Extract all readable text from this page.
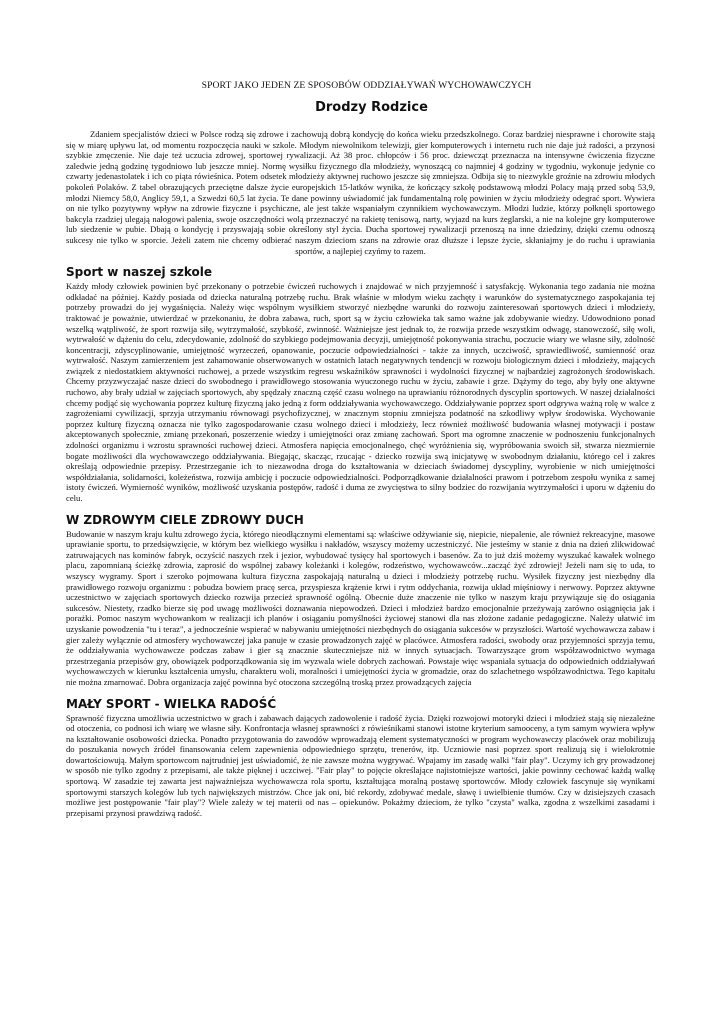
SPORT JAKO JEDEN ZE SPOSOBÓW ODDZIAŁYWAŃ WYCHOWAWCZYCH
Drodzy Rodzice

Zdaniem specjalistów dzieci w Polsce rodzą się zdrowe i zachowują dobrą kondycję do końca wieku przedszkolnego. Coraz bardziej niesprawne i chorowite stają się w miarę upływu lat, od momentu rozpoczęcia nauki w szkole. Młodym niewolnikom telewizji, gier komputerowych i internetu ruch nie daje już radości, a przynosi szybkie zmęczenie. Nie daje też uczucia zdrowej, sportowej rywalizacji. Aż 38 proc. chłopców i 56 proc. dziewcząt przeznacza na intensywne ćwiczenia fizyczne zaledwie jedną godzinę tygodniowo lub jeszcze mniej. Normę wysiłku fizycznego dla młodzieży, wynoszącą co najmniej 4 godziny w tygodniu, wykonuje jedynie co czwarty jedenastolatek i ich co piąta rówieśnica. Potem odsetek młodzieży aktywnej ruchowo jeszcze się zmniejsza. Odbija się to niezwykle groźnie na zdrowiu młodych pokoleń Polaków. Z tabel obrazujących przeciętne dalsze życie europejskich 15-latków wynika, że kończący szkołę podstawową młodzi Polacy mają przed sobą 53,9, młodzi Niemcy 58,0, Anglicy 59,1, a Szwedzi 60,5 lat życia. Te dane powinny uświadomić jak fundamentalną rolę powinien w życiu młodzieży odegrać sport. Wywiera on nie tylko pozytywny wpływ na zdrowie fizyczne i psychiczne, ale jest także wspaniałym czynnikiem wychowawczym. Młodzi ludzie, którzy połknęli sportowego bakcyla rzadziej ulegają nałogowi palenia, swoje oszczędności wolą przeznaczyć na rakietę tenisową, narty, wyjazd na kurs żeglarski, a nie na kolejne gry komputerowe lub siedzenie w pubie. Dbają o kondycję i przyswajają sobie określony styl życia. Ducha sportowej rywalizacji przenoszą na inne dziedziny, dzięki czemu odnoszą sukcesy nie tylko w sporcie. Jeżeli zatem nie chcemy odbierać naszym dzieciom szans na zdrowie oraz dłuższe i lepsze życie, skłaniajmy je do ruchu i uprawiania sportów, a najlepiej czyńmy to razem.

Sport w naszej szkole

Każdy młody człowiek powinien być przekonany o potrzebie ćwiczeń ruchowych i znajdować w nich przyjemność i satysfakcję. Wykonania tego zadania nie można odkładać na później. Każdy posiada od dziecka naturalną potrzebę ruchu. Brak właśnie w młodym wieku zachęty i warunków do systematycznego zaspokajania tej potrzeby prowadzi do jej wygaśnięcia. Należy więc wspólnym wysiłkiem stworzyć niezbędne warunki do rozwoju zainteresowań sportowych dzieci i młodzieży, traktować je poważnie, utwierdzać w przekonaniu, że dobra zabawa, ruch, sport są w życiu człowieka tak samo ważne jak zdobywanie wiedzy. Udowodniono ponad wszelką wątpliwość, że sport rozwija siłę, wytrzymałość, szybkość, zwinność. Ważniejsze jest jednak to, że rozwija przede wszystkim odwagę, stanowczość, siłę woli, wytrwałość w dążeniu do celu, zdecydowanie, zdolność do szybkiego podejmowania decyzji, umiejętność pokonywania strachu, poczucie wiary we własne siły, zdolność koncentracji, zdyscyplinowanie, umiejętność wyrzeczeń, opanowanie, poczucie odpowiedzialności - także za innych, uczciwość, sprawiedliwość, sumienność oraz wytrwałość. Naszym zamierzeniem jest zahamowanie obserwowanych w ostatnich latach negatywnych tendencji w rozwoju biologicznym dzieci i młodzieży, mających związek z niedostatkiem aktywności ruchowej, a przede wszystkim regresu wskaźników sprawności i wydolności fizycznej w najbardziej zagrożonych środowiskach. Chcemy przyzwyczajać nasze dzieci do swobodnego i prawidłowego stosowania wyuczonego ruchu w życiu, zabawie i grze. Dążymy do tego, aby były one aktywne ruchowo, aby brały udział w zajęciach sportowych, aby spędzały znaczną część czasu wolnego na uprawianiu różnorodnych dyscyplin sportowych. W naszej działalności chcemy podjąć się wychowania poprzez kulturę fizyczną jako jedną z form oddziaływania wychowawczego. Oddziaływanie poprzez sport odgrywa ważną rolę w walce z zagrożeniami cywilizacji, sprzyja utrzymaniu równowagi psychofizycznej, w znacznym stopniu zmniejsza podatność na szkodliwy wpływ środowiska. Wychowanie poprzez kulturę fizyczną oznacza nie tylko zagospodarowanie czasu wolnego dzieci i młodzieży, lecz również możliwość budowania własnej motywacji i postaw akceptowanych społecznie, zmianę przekonań, poszerzenie wiedzy i umiejętności oraz zmianę zachowań. Sport ma ogromne znaczenie w podnoszeniu funkcjonalnych zdolności organizmu i wzrostu sprawności ruchowej dzieci. Atmosfera napięcia emocjonalnego, chęć wyróżnienia się, wypróbowania swoich sił, stwarza niezmiernie bogate możliwości dla wychowawczego oddziaływania. Biegając, skacząc, rzucając - dziecko rozwija swą inicjatywę w swobodnym działaniu, którego cel i zakres określają odpowiednie przepisy. Przestrzeganie ich to niezawodna droga do kształtowania w dzieciach świadomej dyscypliny, wyrobienie w nich umiejętności współdziałania, solidarności, koleżeństwa, rozwija ambicję i poczucie odpowiedzialności. Podporządkowanie działalności prawom i potrzebom zespołu wynika z samej istoty ćwiczeń. Wymierność wyników, możliwość uzyskania postępów, radość i duma ze zwycięstwa to silny bodziec do rozwijania wytrzymałości i uporu w dążeniu do celu.

W ZDROWYM CIELE ZDROWY DUCH

Budowanie w naszym kraju kultu zdrowego życia, którego nieodłącznymi elementami są: właściwe odżywianie się, niepicie, niepalenie, ale również rekreacyjne, masowe uprawianie sportu, to przedsięwzięcie, w którym bez wielkiego wysiłku i nakładów, wszyscy możemy uczestniczyć. Nie jesteśmy w stanie z dnia na dzień zlikwidować zatruwających nas kominów fabryk, oczyścić naszych rzek i jezior, wybudować tysięcy hal sportowych i basenów. Za to już dziś możemy wyszukać kawałek wolnego placu, zapomnianą ścieżkę zdrowia, zaprosić do wspólnej zabawy koleżanki i kolegów, rodzeństwo, wychowawców...zacząć żyć zdrowiej! Jeżeli nam się to uda, to wszyscy wygramy. Sport i szeroko pojmowana kultura fizyczna zaspokajają naturalną u dzieci i młodzieży potrzebę ruchu. Wysiłek fizyczny jest niezbędny dla prawidłowego rozwoju organizmu : pobudza bowiem pracę serca, przyspiesza krążenie krwi i rytm oddychania, rozwija układ mięśniowy i nerwowy. Poprzez aktywne uczestnictwo w zajęciach sportowych dziecko rozwija przecież sprawność ogólną. Obecnie duże znaczenie nie tylko w naszym kraju przywiązuje się do osiągania sukcesów. Niestety, rzadko bierze się pod uwagę możliwości doznawania niepowodzeń. Dzieci i młodzież bardzo emocjonalnie przeżywają zarówno osiągnięcia jak i porażki. Pomoc naszym wychowankom w realizacji ich planów i osiąganiu pomyślności życiowej stanowi dla nas złożone zadanie pedagogiczne. Należy ułatwić im uzyskanie powodzenia "tu i teraz", a jednocześnie wspierać w nabywaniu umiejętności niezbędnych do osiągania sukcesów w przyszłości. Wartość wychowawcza zabaw i gier zależy wyłącznie od atmosfery wychowawczej jaka panuje w czasie prowadzonych zajęć w placówce. Atmosfera radości, swobody oraz przyjemności sprzyja temu, że oddziaływania wychowawcze podczas zabaw i gier są znacznie skuteczniejsze niż w innych sytuacjach. Towarzyszące grom współzawodnictwo wymaga przestrzegania przepisów gry, obowiązek podporządkowania się im wyzwala wiele dobrych zachowań. Powstaje więc wspaniała sytuacja do odpowiednich oddziaływań wychowawczych w kierunku kształcenia umysłu, charakteru woli, moralności i umiejętności życia w gromadzie, oraz do szlachetnego współzawodnictwa. Tego kapitału nie można zmarnować. Dobra organizacja zajęć powinna być otoczona szczególną troską przez prowadzących zajęcia

MAŁY SPORT - WIELKA RADOŚĆ

Sprawność fizyczna umożliwia uczestnictwo w grach i zabawach dających zadowolenie i radość życia. Dzięki rozwojowi motoryki dzieci i młodzież stają się niezależne od otoczenia, co podnosi ich wiarę we własne siły. Konfrontacja własnej sprawności z rówieśnikami stanowi istotne kryterium samooceny, a tym samym wywiera wpływ na kształtowanie osobowości dziecka. Ponadto przygotowania do zawodów wprowadzają element systematyczności w program wychowawczy placówek oraz mobilizują do poszukania nowych źródeł finansowania celem zapewnienia odpowiedniego sprzętu, trenerów, itp. Uczniowie nasi poprzez sport realizują się i wielokrotnie dowartościowują. Małym sportowcom najtrudniej jest uświadomić, że nie zawsze można wygrywać. Wpajamy im zasadę walki "fair play". Uczymy ich gry prowadzonej w sposób nie tylko zgodny z przepisami, ale także pięknej i uczciwej. "Fair play" to pojęcie określające najistotniejsze wartości, jakie powinny cechować każdą walkę sportową. W zasadzie tej zawarta jest najważniejsza wychowawcza rola sportu, kształtująca moralną postawę sportowców. Młody człowiek fascynuje się wynikami sportowymi starszych kolegów lub tych największych mistrzów. Chce jak oni, bić rekordy, zdobywać medale, sławę i uwielbienie tłumów. Czy w dzisiejszych czasach możliwe jest postępowanie "fair play"? Wiele zależy w tej materii od nas – opiekunów. Pokażmy dzieciom, że tylko "czysta" walka, zgodna z wszelkimi zasadami i przepisami przynosi prawdziwą radość.
